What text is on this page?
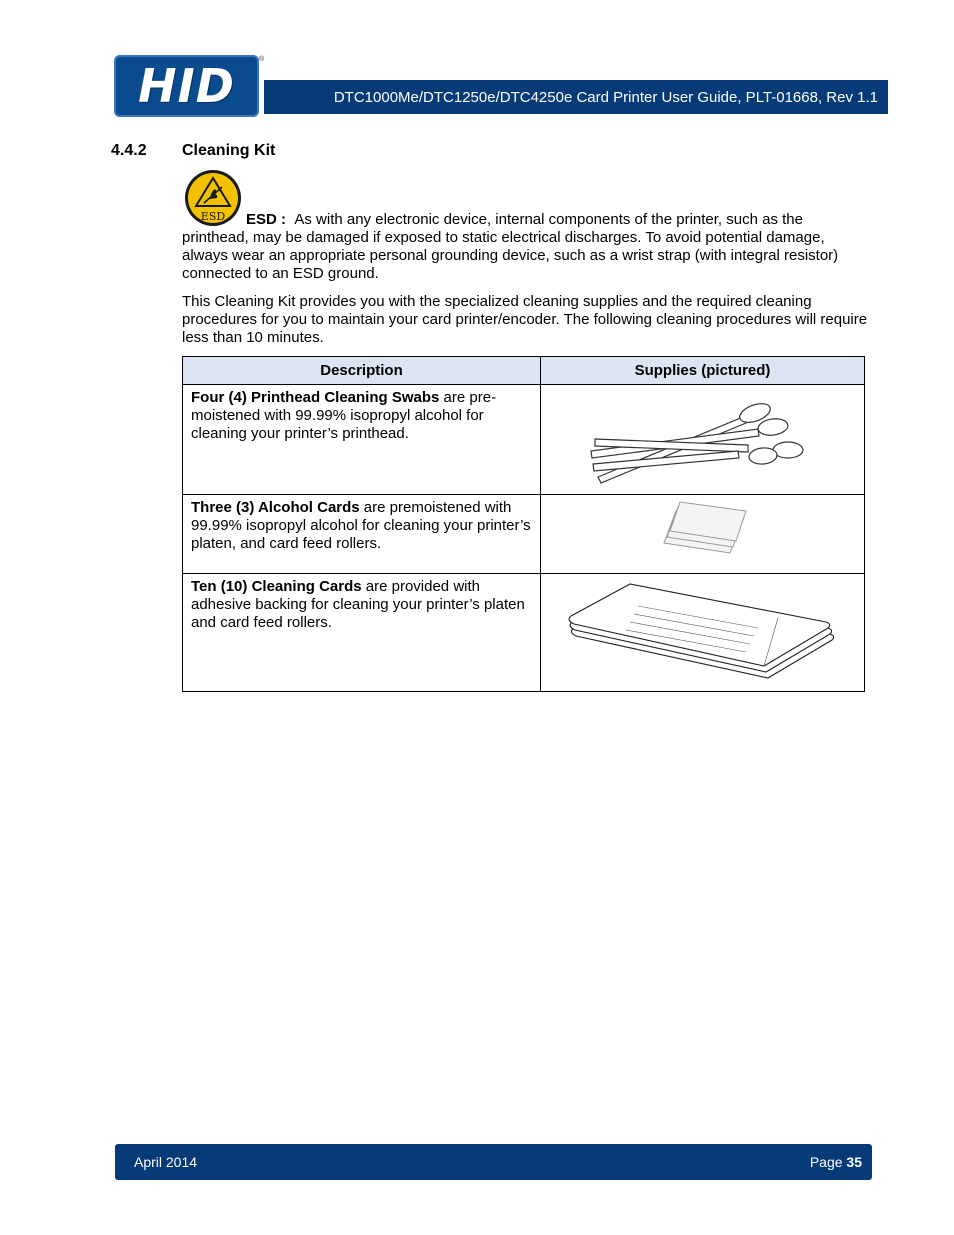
HID	®
DTC1000Me/DTC1250e/DTC4250e Card Printer User Guide, PLT-01668, Rev 1.1
4.4.2 Cleaning Kit
ESD	ESD : As with any electronic device, internal components of the printer, such as the printhead, may be damaged if exposed to static electrical discharges. To avoid potential damage, always wear an appropriate personal grounding device, such as a wrist strap (with integral resistor) connected to an ESD ground.
This Cleaning Kit provides you with the specialized cleaning supplies and the required cleaning procedures for you to maintain your card printer/encoder. The following cleaning procedures will require less than 10 minutes.
Description	Supplies (pictured)
Four (4) Printhead Cleaning Swabs are pre-moistened with 99.99% isopropyl alcohol for cleaning your printer’s printhead.	
Three (3) Alcohol Cards are premoistened with 99.99% isopropyl alcohol for cleaning your printer’s platen, and card feed rollers.	
Ten (10) Cleaning Cards are provided with adhesive backing for cleaning your printer’s platen and card feed rollers.	
April 2014	Page 35
